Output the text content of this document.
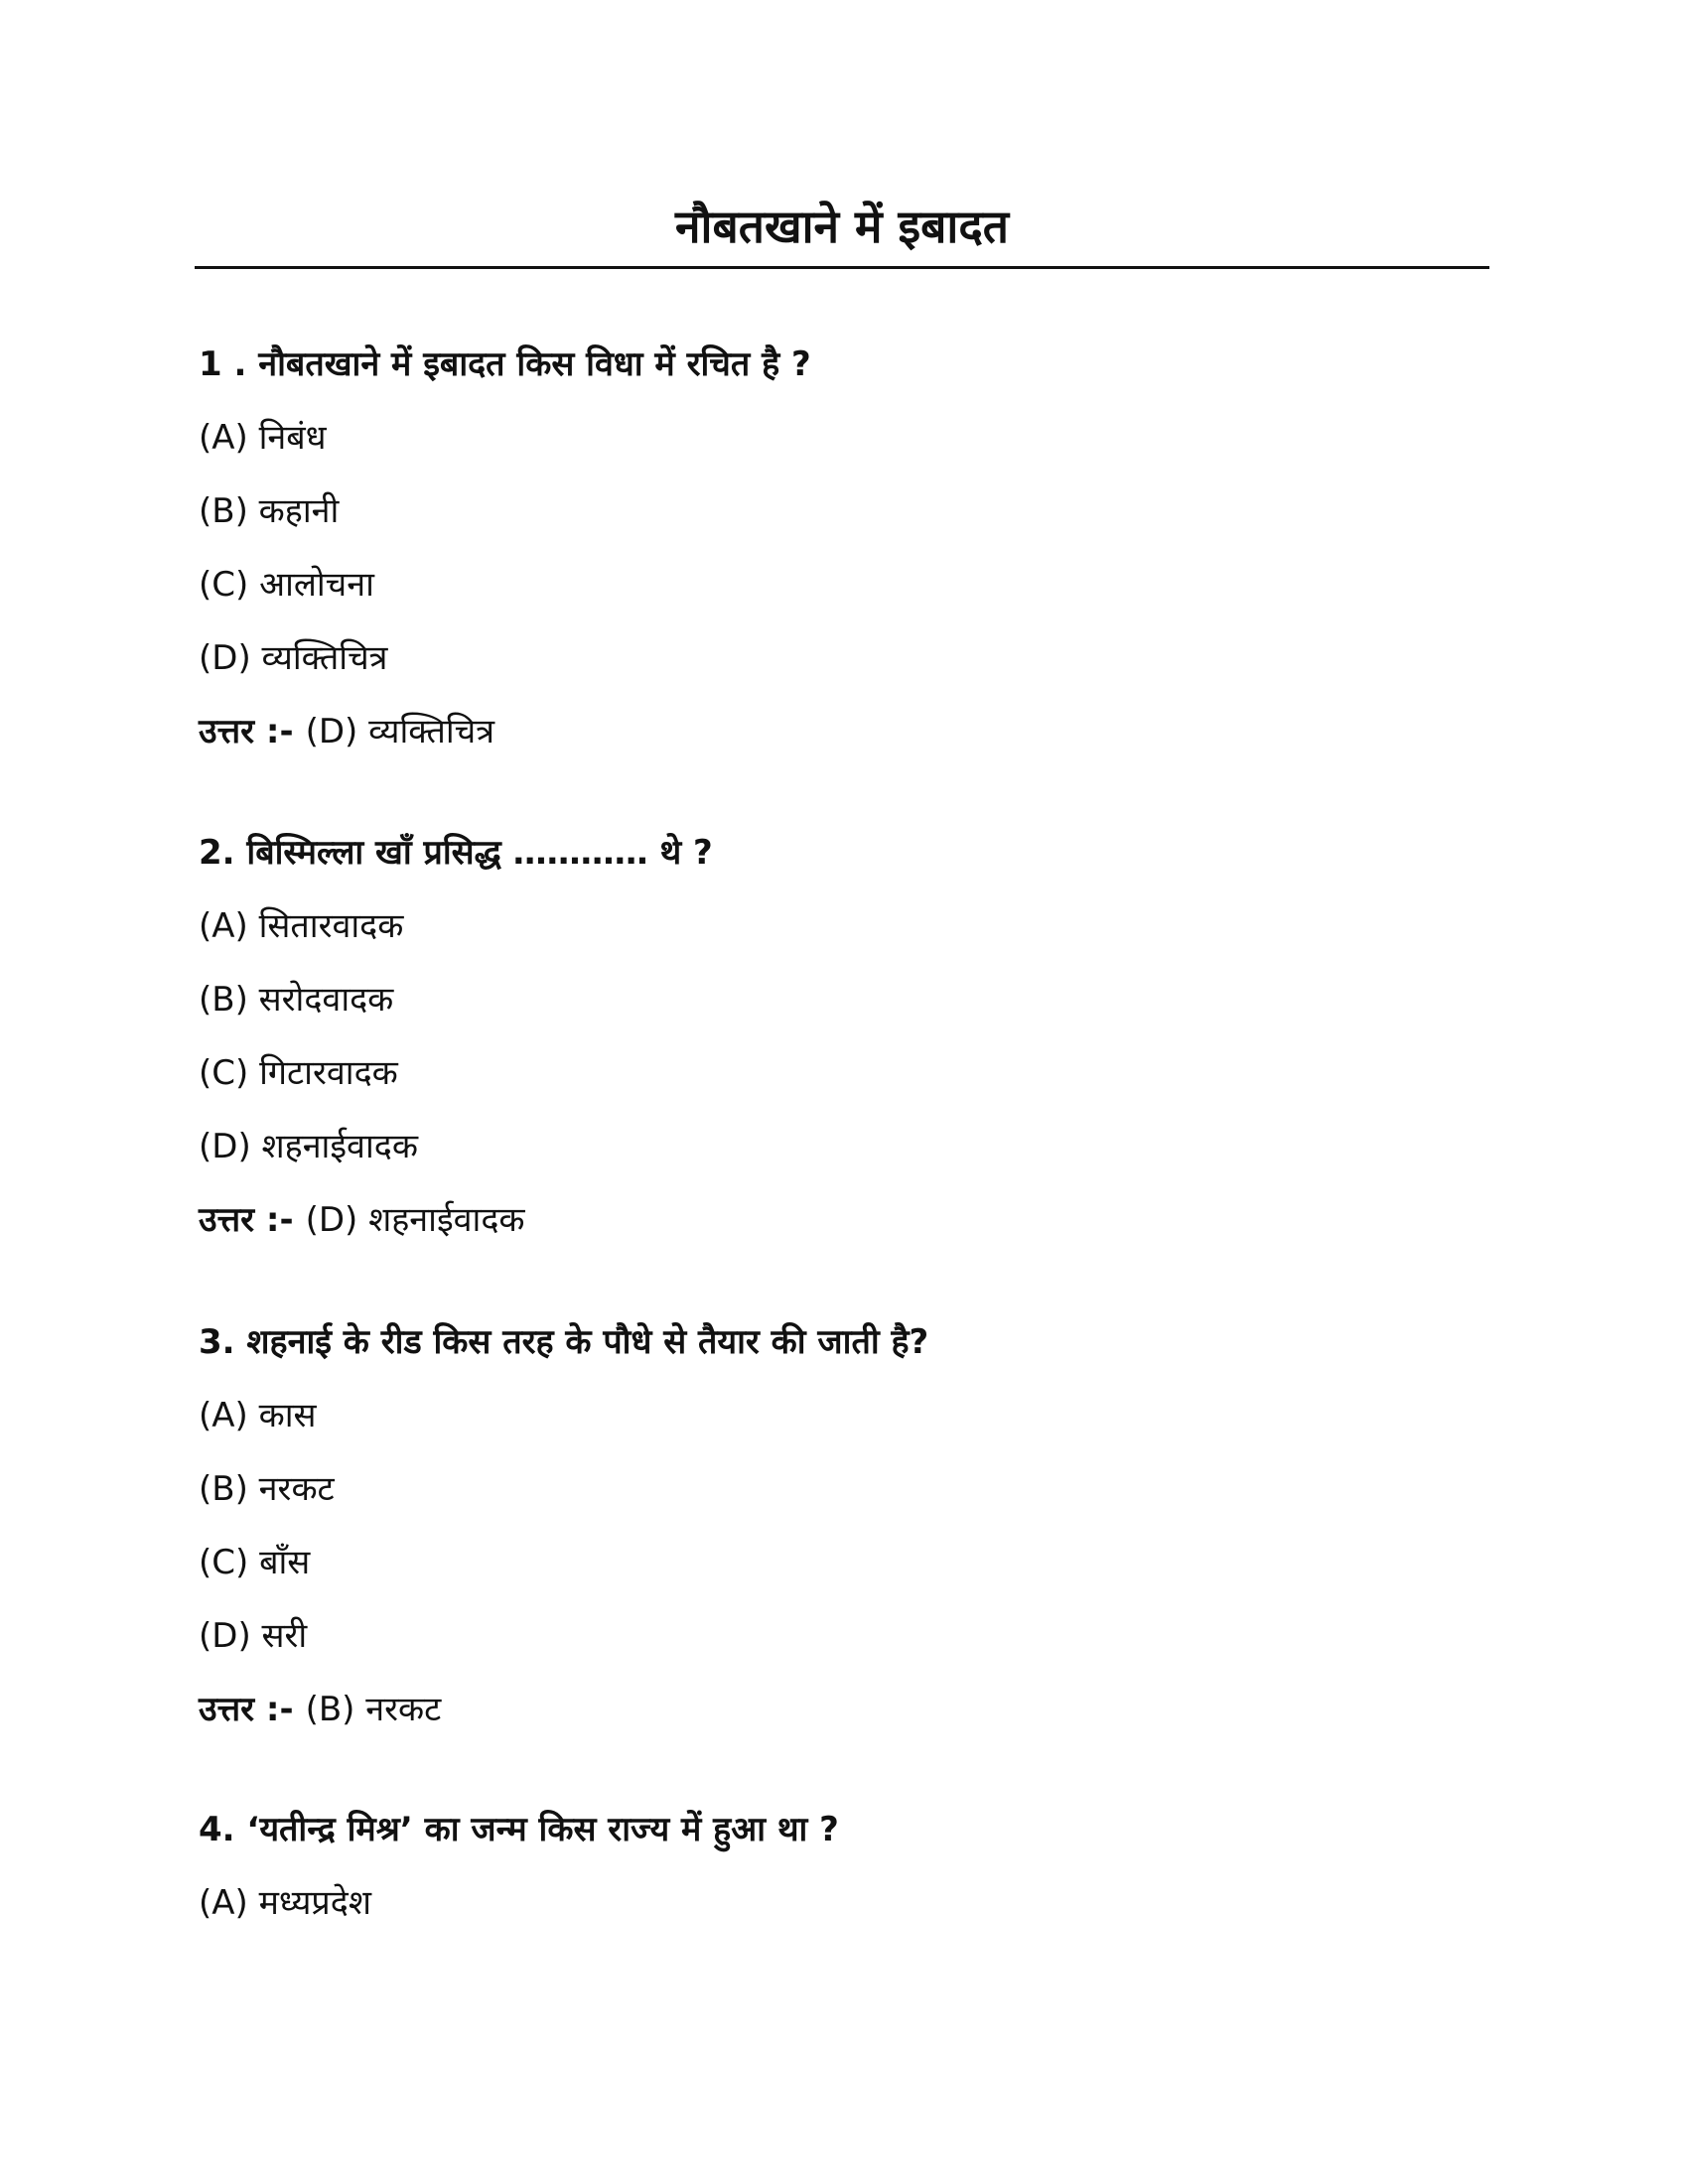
नौबतखाने में इबादत
1 . नौबतखाने में इबादत किस विधा में रचित है ?
(A) निबंध
(B) कहानी
(C) आलोचना
(D) व्यक्तिचित्र
उत्तर :- (D) व्यक्तिचित्र
2. बिस्मिल्ला खाँ प्रसिद्ध ………… थे ?
(A) सितारवादक
(B) सरोदवादक
(C) गिटारवादक
(D) शहनाईवादक
उत्तर :- (D) शहनाईवादक
3. शहनाई के रीड किस तरह के पौधे से तैयार की जाती है?
(A) कास
(B) नरकट
(C) बाँस
(D) सरी
उत्तर :- (B) नरकट
4. ‘यतीन्द्र मिश्र’ का जन्म किस राज्य में हुआ था ?
(A) मध्यप्रदेश
